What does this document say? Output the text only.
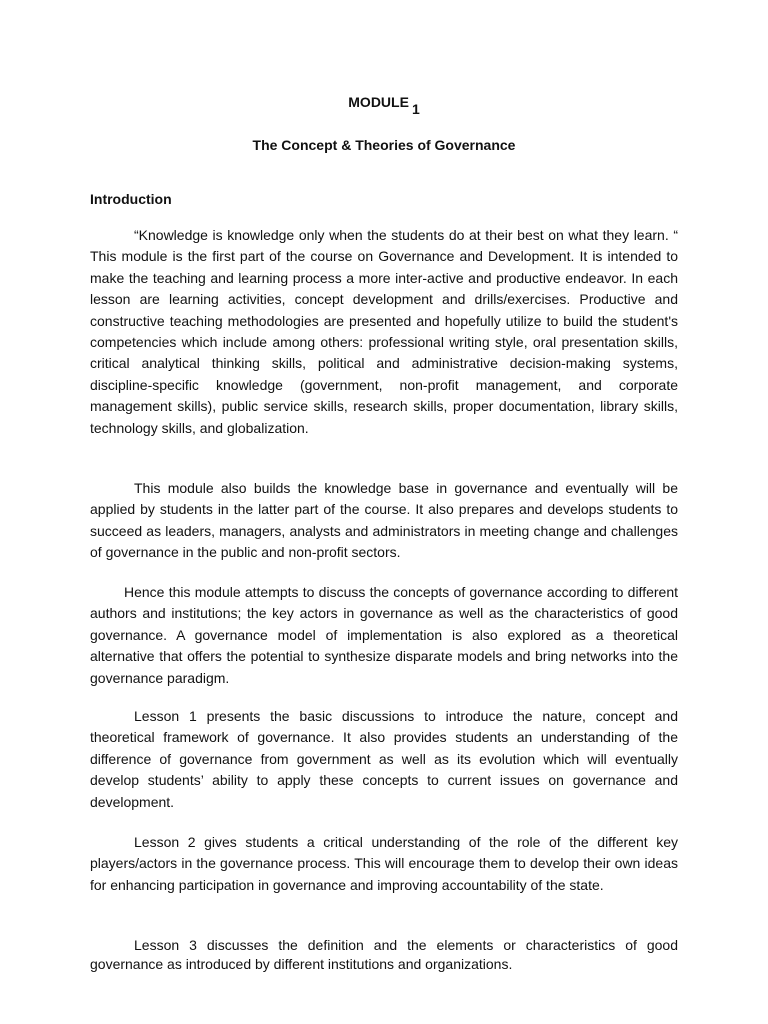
MODULE 1
The Concept & Theories of Governance
Introduction

“Knowledge is knowledge only when the students do at their best on what they learn. “ This module is the first part of the course on Governance and Development. It is intended to make the teaching and learning process a more inter-active and productive endeavor. In each lesson are learning activities, concept development and drills/exercises. Productive and constructive teaching methodologies are presented and hopefully utilize to build the student's competencies which include among others: professional writing style, oral presentation skills, critical analytical thinking skills, political and administrative decision-making systems, discipline-specific knowledge (government, non-profit management, and corporate management skills), public service skills, research skills, proper documentation, library skills, technology skills, and globalization.

This module also builds the knowledge base in governance and eventually will be applied by students in the latter part of the course. It also prepares and develops students to succeed as leaders, managers, analysts and administrators in meeting change and challenges of governance in the public and non-profit sectors.

Hence this module attempts to discuss the concepts of governance according to different authors and institutions; the key actors in governance as well as the characteristics of good governance. A governance model of implementation is also explored as a theoretical alternative that offers the potential to synthesize disparate models and bring networks into the governance paradigm.

Lesson 1 presents the basic discussions to introduce the nature, concept and theoretical framework of governance. It also provides students an understanding of the difference of governance from government as well as its evolution which will eventually develop students’ ability to apply these concepts to current issues on governance and development.

Lesson 2 gives students a critical understanding of the role of the different key players/actors in the governance process. This will encourage them to develop their own ideas for enhancing participation in governance and improving accountability of the state.

Lesson 3 discusses the definition and the elements or characteristics of good governance as introduced by different institutions and organizations.
